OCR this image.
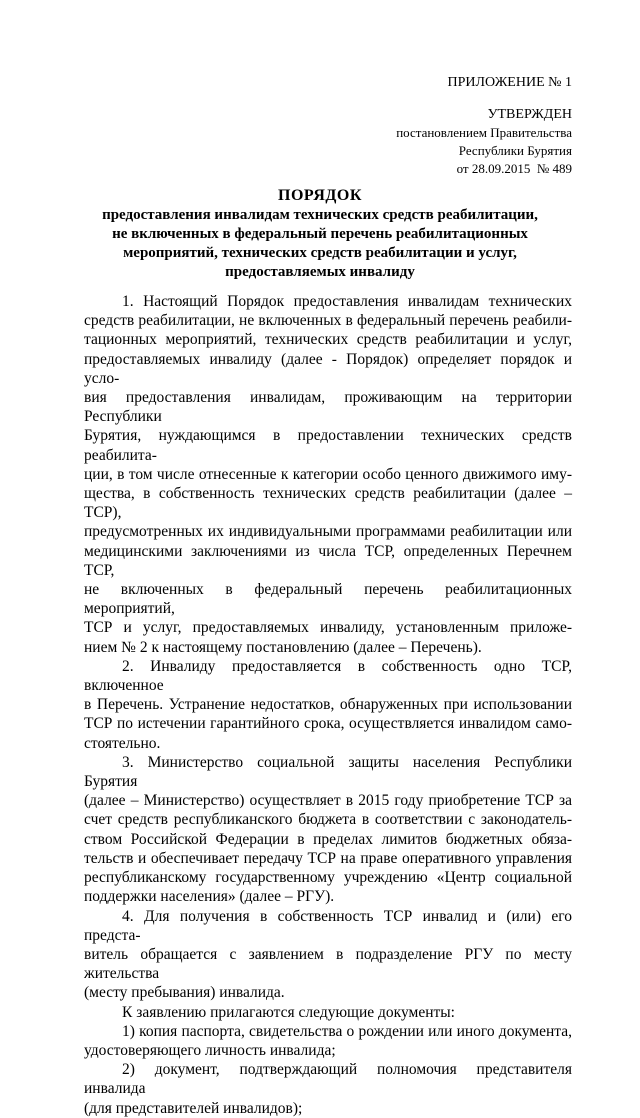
ПРИЛОЖЕНИЕ № 1
УТВЕРЖДЕН
постановлением Правительства
Республики Бурятия
от 28.09.2015  № 489
ПОРЯДОК
предоставления инвалидам технических средств реабилитации,
не включенных в федеральный перечень реабилитационных
мероприятий, технических средств реабилитации и услуг,
предоставляемых инвалиду
1. Настоящий Порядок предоставления инвалидам технических
средств реабилитации, не включенных в федеральный перечень реабили-
тационных мероприятий, технических средств реабилитации и услуг,
предоставляемых инвалиду (далее - Порядок) определяет порядок и усло-
вия предоставления инвалидам, проживающим на территории Республики
Бурятия, нуждающимся в предоставлении технических средств реабилита-
ции, в том числе отнесенные к категории особо ценного движимого иму-
щества, в собственность технических средств реабилитации (далее – ТСР),
предусмотренных их индивидуальными программами реабилитации или
медицинскими заключениями из числа ТСР, определенных Перечнем ТСР,
не включенных в федеральный перечень реабилитационных мероприятий,
ТСР и услуг, предоставляемых инвалиду, установленным приложе-
нием № 2 к настоящему постановлению (далее – Перечень).
2. Инвалиду предоставляется в собственность одно ТСР, включенное
в Перечень. Устранение недостатков, обнаруженных при использовании
ТСР по истечении гарантийного срока, осуществляется инвалидом само-
стоятельно.
3. Министерство социальной защиты населения Республики Бурятия
(далее – Министерство) осуществляет в 2015 году приобретение ТСР за
счет средств республиканского бюджета в соответствии с законодатель-
ством Российской Федерации в пределах лимитов бюджетных обяза-
тельств и обеспечивает передачу ТСР на праве оперативного управления
республиканскому государственному учреждению «Центр социальной
поддержки населения» (далее – РГУ).
4. Для получения в собственность ТСР инвалид и (или) его предста-
витель обращается с заявлением в подразделение РГУ по месту жительства
(месту пребывания) инвалида.
К заявлению прилагаются следующие документы:
1) копия паспорта, свидетельства о рождении или иного документа,
удостоверяющего личность инвалида;
2) документ, подтверждающий полномочия представителя инвалида
(для представителей инвалидов);
